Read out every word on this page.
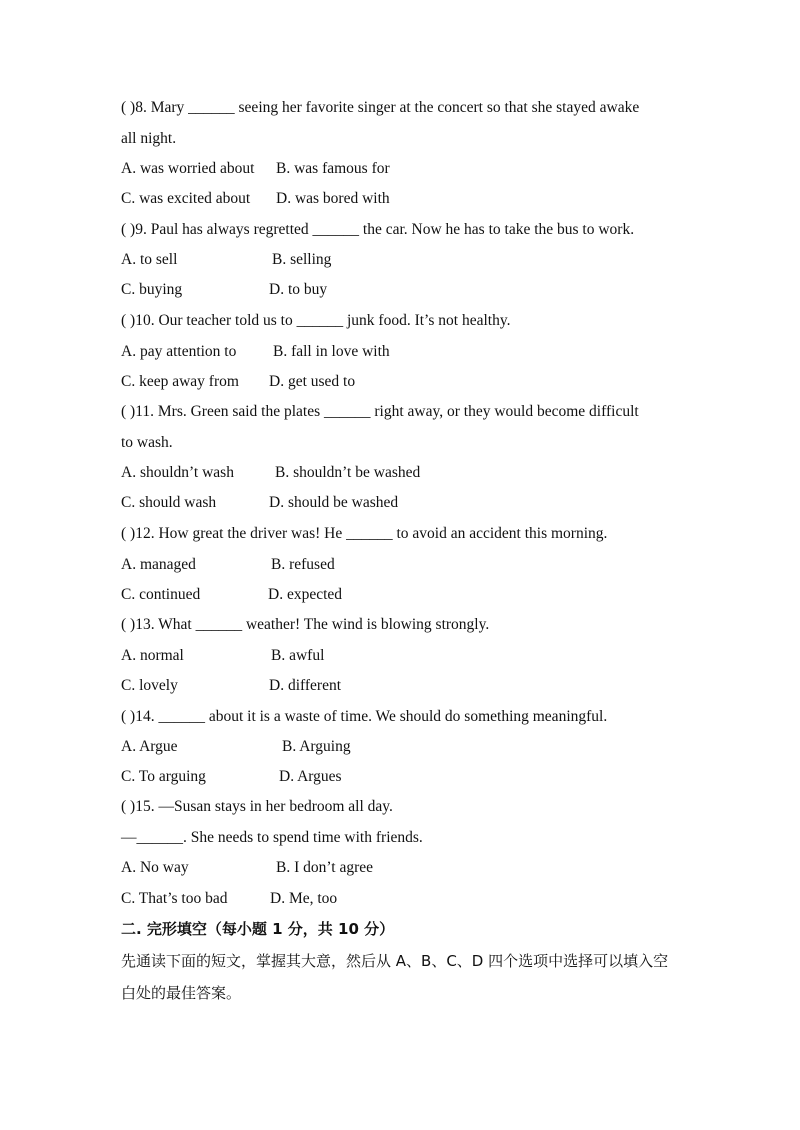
( )8. Mary ______ seeing her favorite singer at the concert so that she stayed awake
all night.
A. was worried about B. was famous for
C. was excited about D. was bored with
( )9. Paul has always regretted ______ the car. Now he has to take the bus to work.
A. to sell	B. selling
C. buying	D. to buy
( )10. Our teacher told us to ______ junk food. It’s not healthy.
A. pay attention to B. fall in love with
C. keep away from D. get used to
( )11. Mrs. Green said the plates ______ right away, or they would become difficult
to wash.
A. shouldn’t wash	B. shouldn’t be washed
C. should wash	D. should be washed
( )12. How great the driver was! He ______ to avoid an accident this morning.
A. managed	B. refused
C. continued	D. expected
( )13. What ______ weather! The wind is blowing strongly.
A. normal	B. awful
C. lovely	D. different
( )14. ______ about it is a waste of time. We should do something meaningful.
A. Argue	B. Arguing
C. To arguing	D. Argues
( )15. —Susan stays in her bedroom all day.
—______. She needs to spend time with friends.
A. No way	B. I don’t agree
C. That’s too bad	D. Me, too
二. 完形填空（每小题 1 分，共 10 分）
先通读下面的短文，掌握其大意，然后从 A、B、C、D 四个选项中选择可以填入空
白处的最佳答案。
